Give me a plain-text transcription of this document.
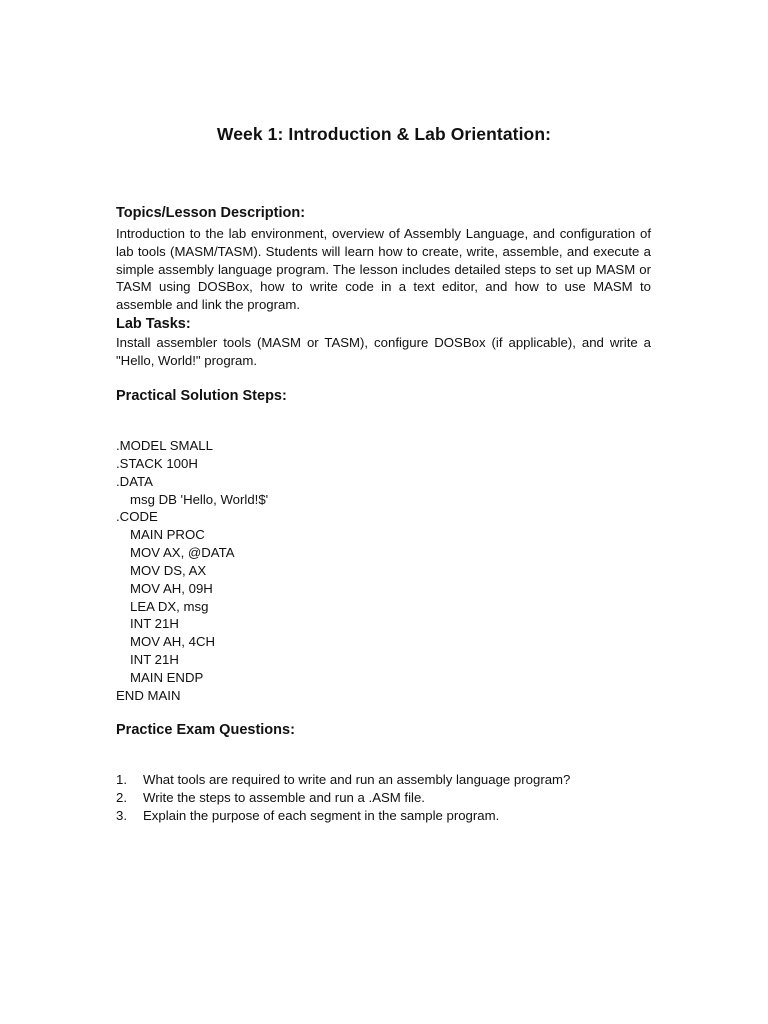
Week 1: Introduction & Lab Orientation:
Topics/Lesson Description:

Introduction to the lab environment, overview of Assembly Language, and configuration of lab tools (MASM/TASM). Students will learn how to create, write, assemble, and execute a simple assembly language program. The lesson includes detailed steps to set up MASM or TASM using DOSBox, how to write code in a text editor, and how to use MASM to assemble and link the program.

Lab Tasks:

Install assembler tools (MASM or TASM), configure DOSBox (if applicable), and write a "Hello, World!" program.

Practical Solution Steps:
.MODEL SMALL
.STACK 100H
.DATA
msg DB 'Hello, World!$'
.CODE
MAIN PROC
MOV AX, @DATA
MOV DS, AX
MOV AH, 09H
LEA DX, msg
INT 21H
MOV AH, 4CH
INT 21H
MAIN ENDP
END MAIN
Practice Exam Questions:
1.	What tools are required to write and run an assembly language program?
2.	Write the steps to assemble and run a .ASM file.
3.	Explain the purpose of each segment in the sample program.
